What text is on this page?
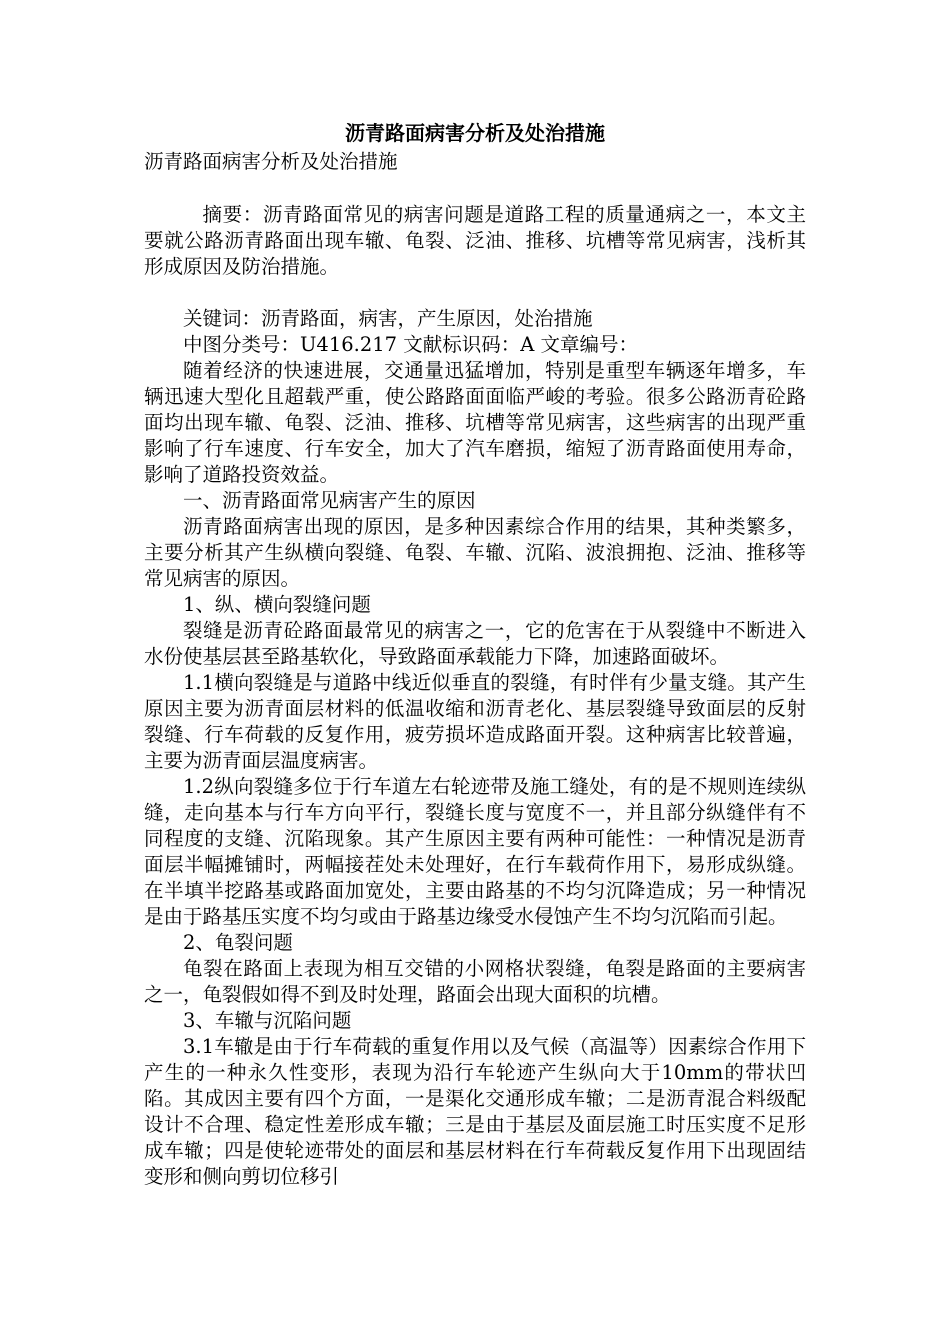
沥青路面病害分析及处治措施

沥青路面病害分析及处治措施

摘要：沥青路面常见的病害问题是道路工程的质量通病之一，本文主要就公路沥青路面出现车辙、龟裂、泛油、推移、坑槽等常见病害，浅析其形成原因及防治措施。

关键词：沥青路面，病害，产生原因，处治措施

中图分类号：U416.217 文献标识码：A 文章编号：

随着经济的快速进展，交通量迅猛增加，特别是重型车辆逐年增多，车辆迅速大型化且超载严重，使公路路面面临严峻的考验。很多公路沥青砼路面均出现车辙、龟裂、泛油、推移、坑槽等常见病害，这些病害的出现严重影响了行车速度、行车安全，加大了汽车磨损，缩短了沥青路面使用寿命，影响了道路投资效益。

一、沥青路面常见病害产生的原因

沥青路面病害出现的原因，是多种因素综合作用的结果，其种类繁多，主要分析其产生纵横向裂缝、龟裂、车辙、沉陷、波浪拥抱、泛油、推移等常见病害的原因。

1、纵、横向裂缝问题

裂缝是沥青砼路面最常见的病害之一，它的危害在于从裂缝中不断进入水份使基层甚至路基软化，导致路面承载能力下降，加速路面破坏。

1.1横向裂缝是与道路中线近似垂直的裂缝，有时伴有少量支缝。其产生原因主要为沥青面层材料的低温收缩和沥青老化、基层裂缝导致面层的反射裂缝、行车荷载的反复作用，疲劳损坏造成路面开裂。这种病害比较普遍，主要为沥青面层温度病害。

1.2纵向裂缝多位于行车道左右轮迹带及施工缝处，有的是不规则连续纵缝，走向基本与行车方向平行，裂缝长度与宽度不一，并且部分纵缝伴有不同程度的支缝、沉陷现象。其产生原因主要有两种可能性：一种情况是沥青面层半幅摊铺时，两幅接茬处未处理好，在行车载荷作用下，易形成纵缝。在半填半挖路基或路面加宽处，主要由路基的不均匀沉降造成；另一种情况是由于路基压实度不均匀或由于路基边缘受水侵蚀产生不均匀沉陷而引起。

2、龟裂问题

龟裂在路面上表现为相互交错的小网格状裂缝，龟裂是路面的主要病害之一，龟裂假如得不到及时处理，路面会出现大面积的坑槽。

3、车辙与沉陷问题

3.1车辙是由于行车荷载的重复作用以及气候（高温等）因素综合作用下产生的一种永久性变形，表现为沿行车轮迹产生纵向大于10mm的带状凹陷。其成因主要有四个方面，一是渠化交通形成车辙；二是沥青混合料级配设计不合理、稳定性差形成车辙；三是由于基层及面层施工时压实度不足形成车辙；四是使轮迹带处的面层和基层材料在行车荷载反复作用下出现固结变形和侧向剪切位移引
